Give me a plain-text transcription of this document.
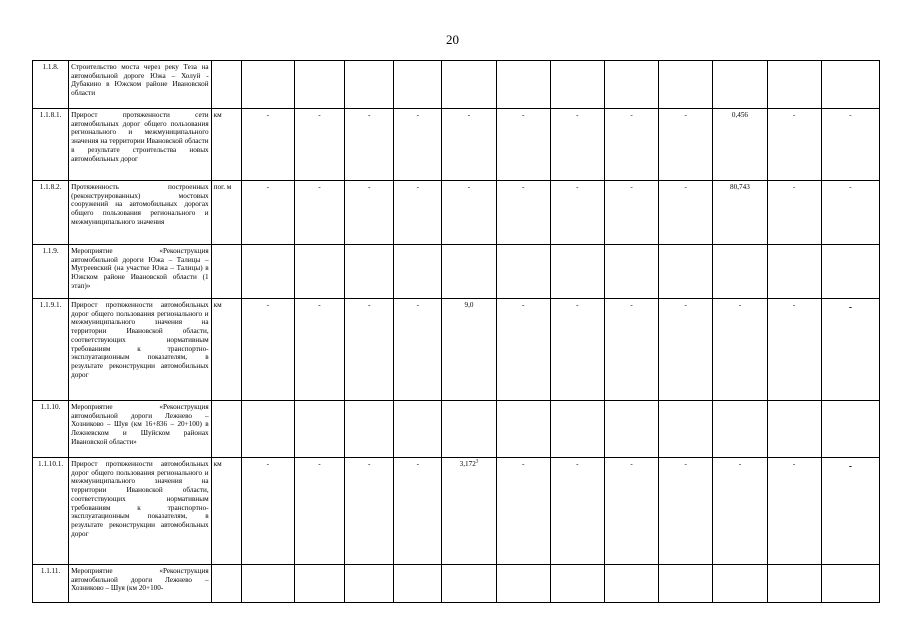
20
1.1.8.	Строительство моста через реку Теза на автомобильной дороге Южа – Холуй - Дубакино в Южском районе Ивановской области													
1.1.8.1.	Прирост протяженности сети автомобильных дорог общего пользования регионального и межмуниципального значения на территории Ивановской области в результате строительства новых автомобильных дорог	км	-	-	-	-	-	-	-	-	-	0,456	-	-
1.1.8.2.	Протяженность построенных (реконструированных) мостовых сооружений на автомобильных дорогах общего пользования регионального и межмуниципального значения	пог. м	-	-	-	-	-	-	-	-	-	80,743	-	-
1.1.9.	Мероприятие «Реконструкция автомобильной дороги Южа – Талицы – Мугреевский (на участке Южа – Талицы) в Южском районе Ивановской области (1 этап)»													
1.1.9.1.	Прирост протяженности автомобильных дорог общего пользования регионального и межмуниципального значения на территории Ивановской области, соответствующих нормативным требованиям к транспортно-эксплуатационным показателям, в результате реконструкции автомобильных дорог	км	-	-	-	-	9,0	-	-	-	-	-	-	-
1.1.10.	Мероприятие «Реконструкция автомобильной дороги Лежнево – Хозниково – Шуя (км 16+836 – 20+100) в Лежневском и Шуйском районах Ивановской области»													
1.1.10.1.	Прирост протяженности автомобильных дорог общего пользования регионального и межмуниципального значения на территории Ивановской области, соответствующих нормативным требованиям к транспортно-эксплуатационным показателям, в результате реконструкции автомобильных дорог	км	-	-	-	-	3,172$^3$	-	-	-	-	-	-	-
1.1.11.	Мероприятие «Реконструкция автомобильной дороги Лежнево – Хозниково – Шуя (км 20+100-													
